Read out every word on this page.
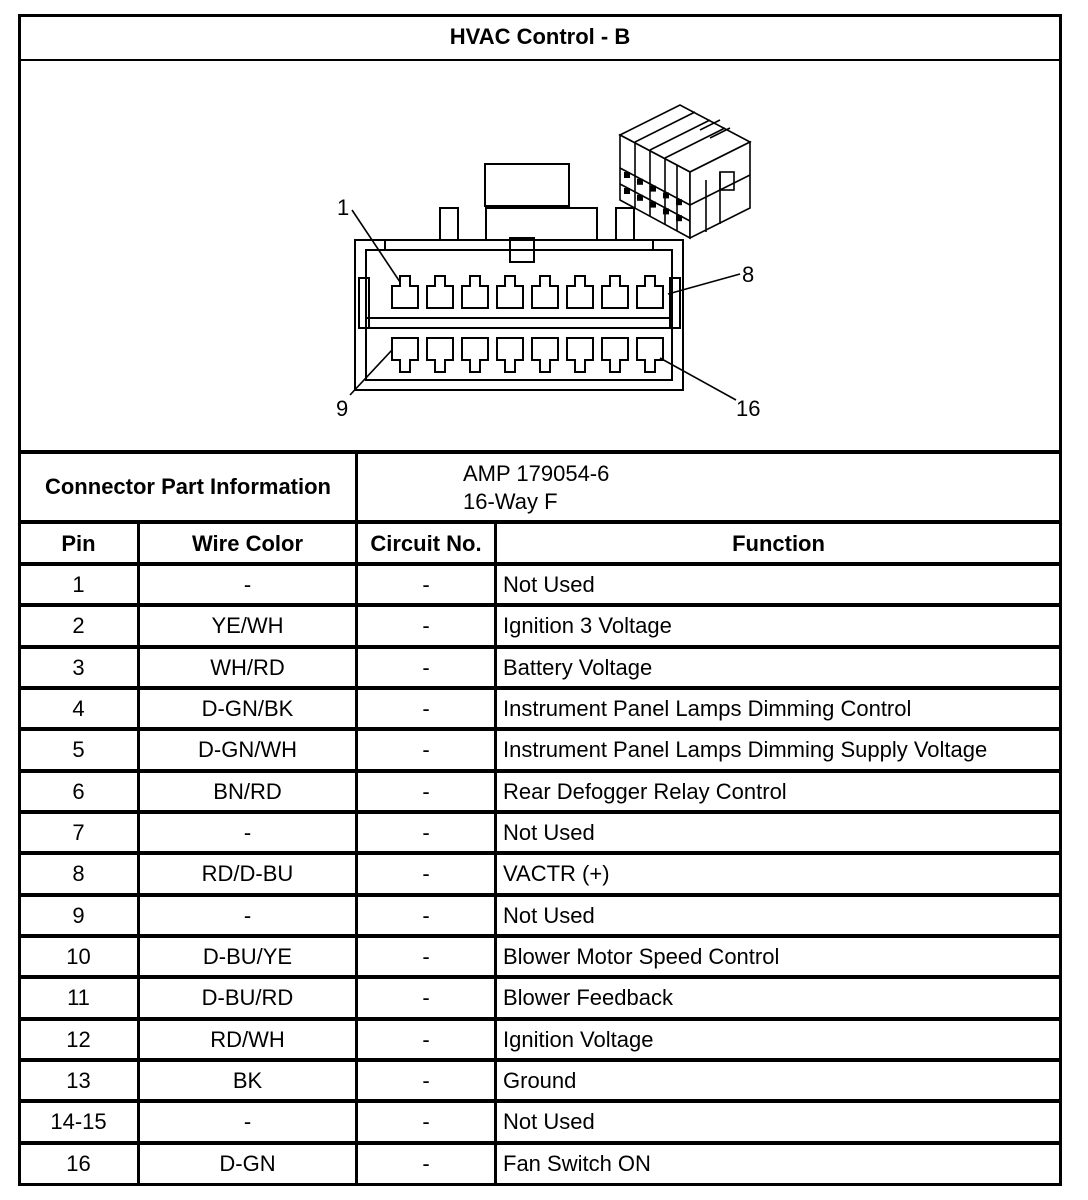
HVAC Control - B
1
8
9	16
Connector Part Information
AMP 179054-6
16-Way F
Pin	Wire Color	Circuit No.	Function
1	-	-	Not Used
2	YE/WH	-	Ignition 3 Voltage
3	WH/RD	-	Battery Voltage
4	D-GN/BK	-	Instrument Panel Lamps Dimming Control
5	D-GN/WH	-	Instrument Panel Lamps Dimming Supply Voltage
6	BN/RD	-	Rear Defogger Relay Control
7	-	-	Not Used
8	RD/D-BU	-	VACTR (+)
9	-	-	Not Used
10	D-BU/YE	-	Blower Motor Speed Control
11	D-BU/RD	-	Blower Feedback
12	RD/WH	-	Ignition Voltage
13	BK	-	Ground
14-15	-	-	Not Used
16	D-GN	-	Fan Switch ON
